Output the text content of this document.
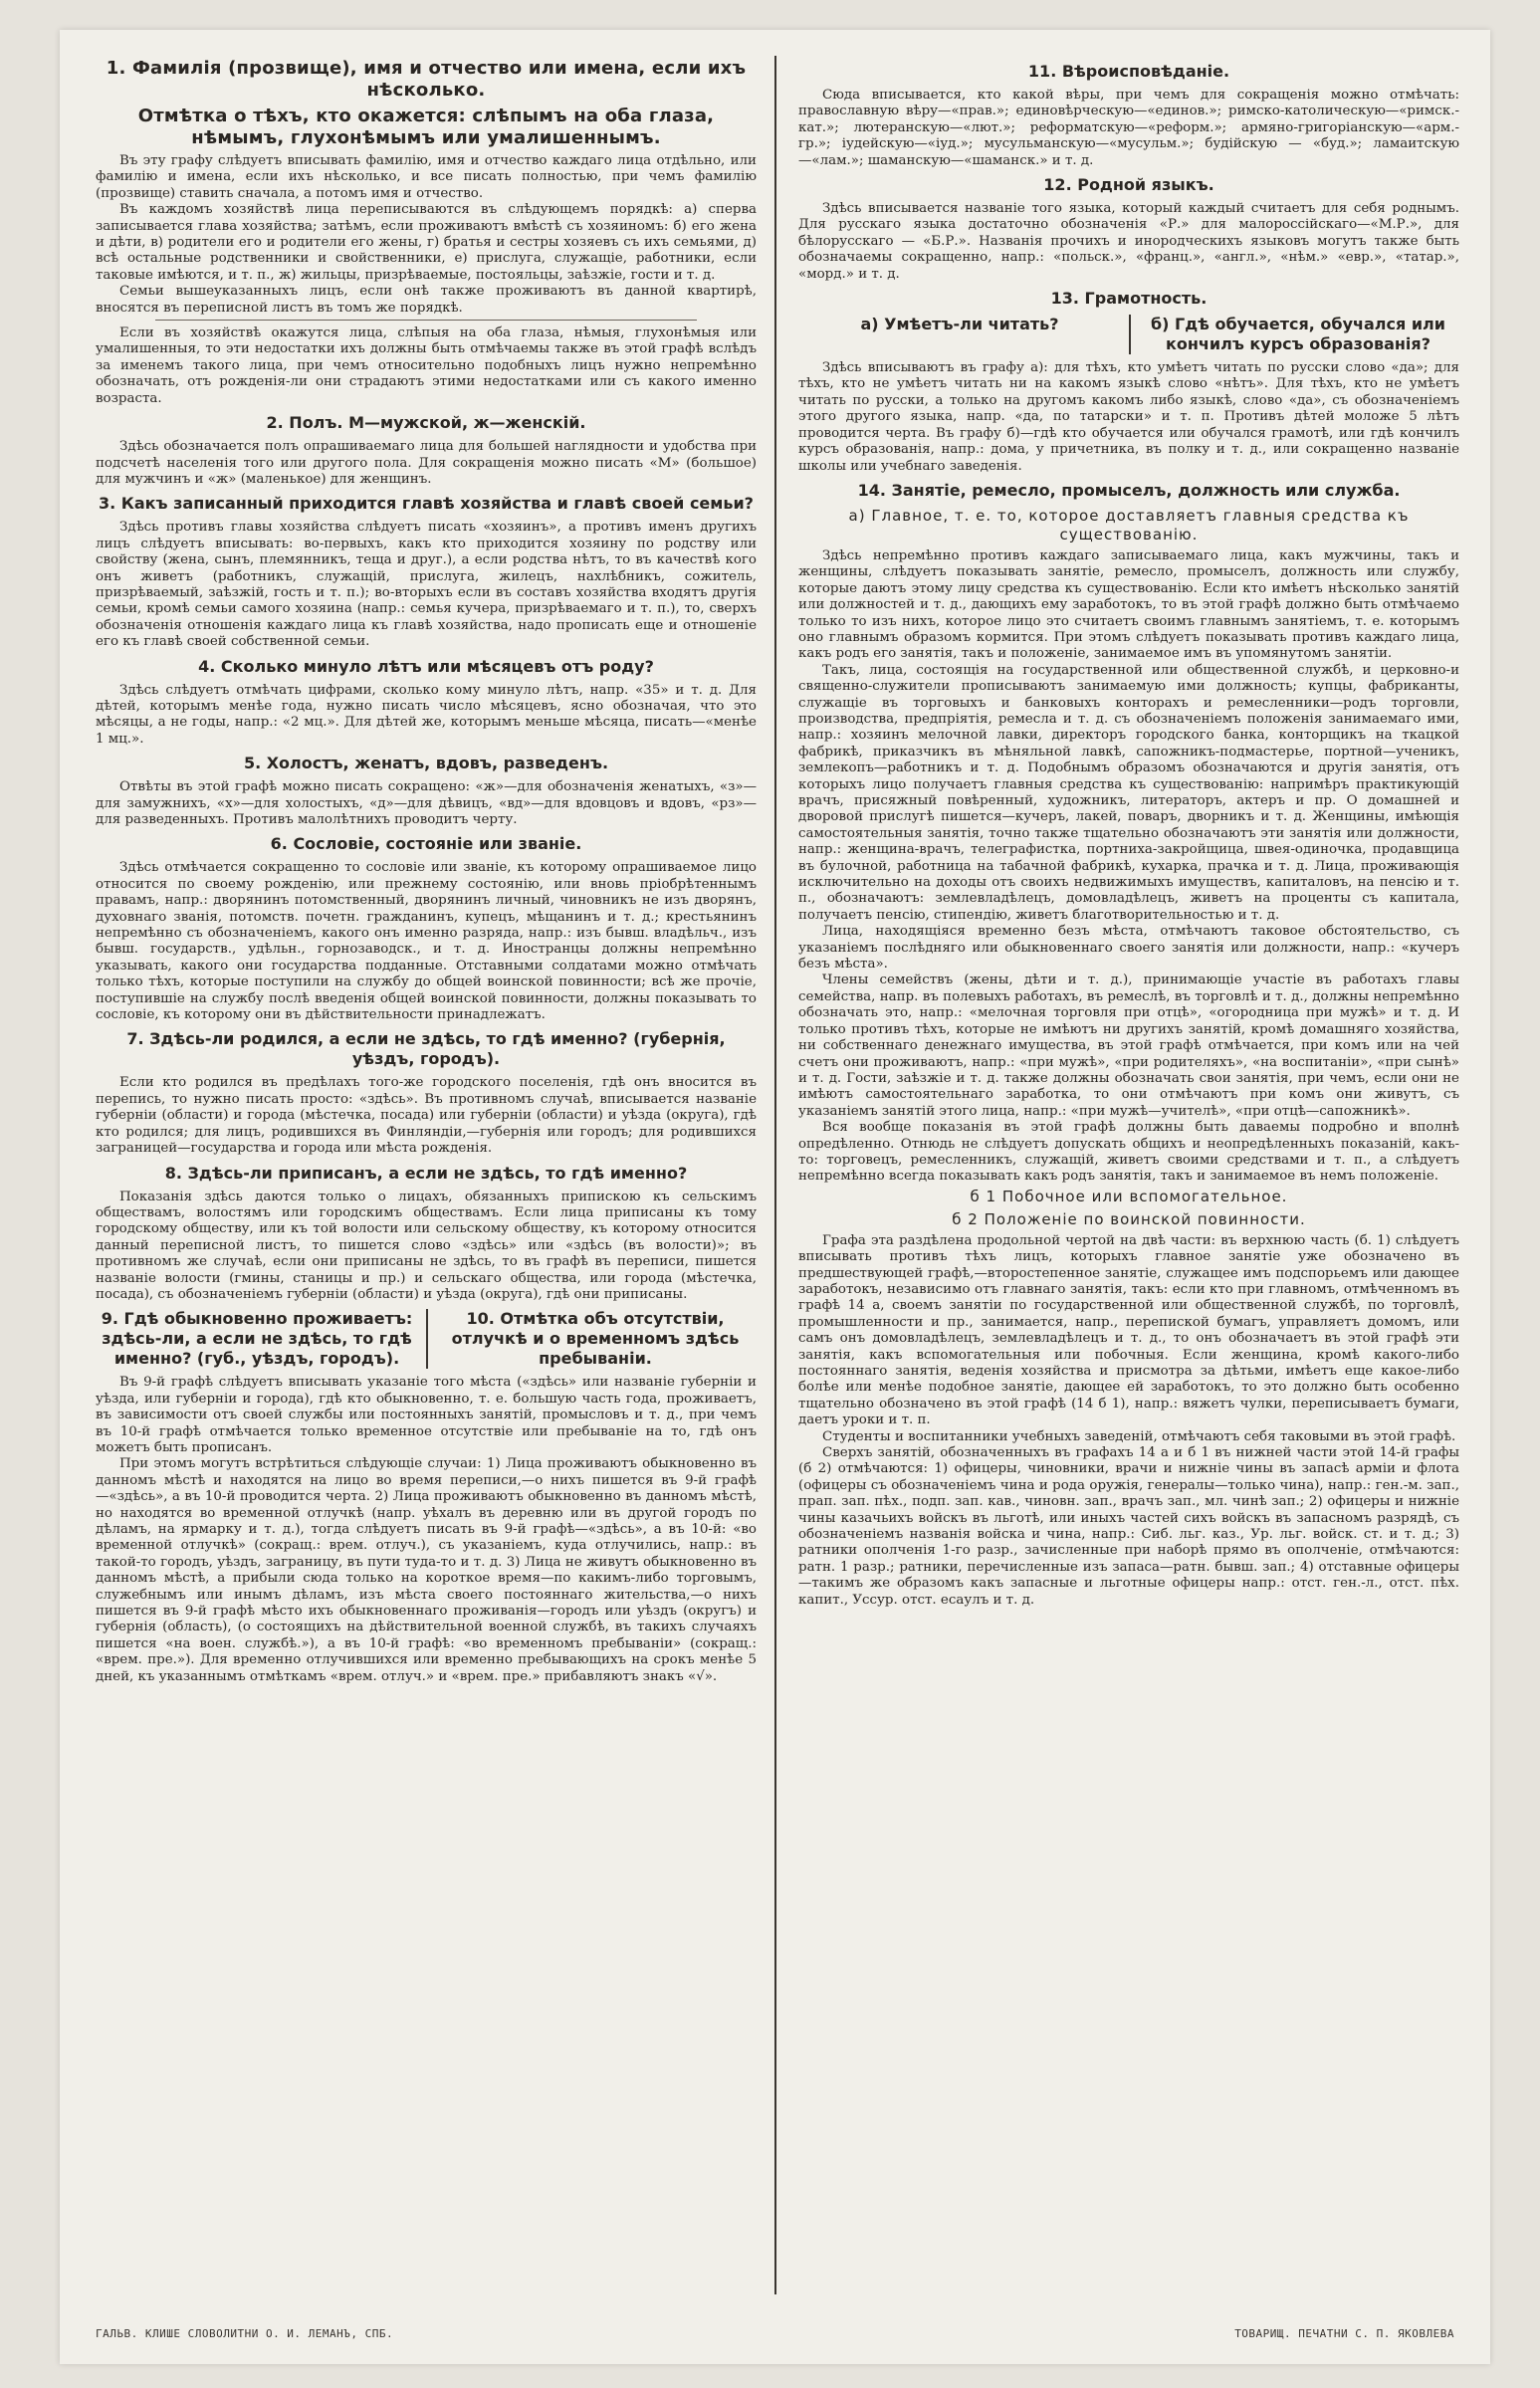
1. Фамилія (прозвище), имя и отчество или имена, если ихъ нѣсколько.
Отмѣтка о тѣхъ, кто окажется: слѣпымъ на оба глаза, нѣмымъ, глухонѣмымъ или умалишеннымъ.

Въ эту графу слѣдуетъ вписывать фамилію, имя и отчество каждаго лица отдѣльно, или фамилію и имена, если ихъ нѣсколько, и все писать полностью, при чемъ фамилію (прозвище) ставить сначала, а потомъ имя и отчество.

Въ каждомъ хозяйствѣ лица переписываются въ слѣдующемъ порядкѣ: а) сперва записывается глава хозяйства; затѣмъ, если проживаютъ вмѣстѣ съ хозяиномъ: б) его жена и дѣти, в) родители его и родители его жены, г) братья и сестры хозяевъ съ ихъ семьями, д) всѣ остальные родственники и свойственники, е) прислуга, служащіе, работники, если таковые имѣются, и т. п., ж) жильцы, призрѣваемые, постояльцы, заѣзжіе, гости и т. д.

Семьи вышеуказанныхъ лицъ, если онѣ также проживаютъ въ данной квартирѣ, вносятся въ переписной листъ въ томъ же порядкѣ.

Если въ хозяйствѣ окажутся лица, слѣпыя на оба глаза, нѣмыя, глухонѣмыя или умалишенныя, то эти недостатки ихъ должны быть отмѣчаемы также въ этой графѣ вслѣдъ за именемъ такого лица, при чемъ относительно подобныхъ лицъ нужно непремѣнно обозначать, отъ рожденія-ли они страдаютъ этими недостатками или съ какого именно возраста.

2. Полъ. М—мужской, ж—женскій.

Здѣсь обозначается полъ опрашиваемаго лица для большей наглядности и удобства при подсчетѣ населенія того или другого пола. Для сокращенія можно писать «М» (большое) для мужчинъ и «ж» (маленькое) для женщинъ.

3. Какъ записанный приходится главѣ хозяйства и главѣ своей семьи?

Здѣсь противъ главы хозяйства слѣдуетъ писать «хозяинъ», а противъ именъ другихъ лицъ слѣдуетъ вписывать: во-первыхъ, какъ кто приходится хозяину по родству или свойству (жена, сынъ, племянникъ, теща и друг.), а если родства нѣтъ, то въ качествѣ кого онъ живетъ (работникъ, служащій, прислуга, жилецъ, нахлѣбникъ, сожитель, призрѣваемый, заѣзжій, гость и т. п.); во-вторыхъ если въ составъ хозяйства входятъ другія семьи, кромѣ семьи самого хозяина (напр.: семья кучера, призрѣваемаго и т. п.), то, сверхъ обозначенія отношенія каждаго лица къ главѣ хозяйства, надо прописать еще и отношеніе его къ главѣ своей собственной семьи.

4. Сколько минуло лѣтъ или мѣсяцевъ отъ роду?

Здѣсь слѣдуетъ отмѣчать цифрами, сколько кому минуло лѣтъ, напр. «35» и т. д. Для дѣтей, которымъ менѣе года, нужно писать число мѣсяцевъ, ясно обозначая, что это мѣсяцы, а не годы, напр.: «2 мц.». Для дѣтей же, которымъ меньше мѣсяца, писать—«менѣе 1 мц.».

5. Холостъ, женатъ, вдовъ, разведенъ.

Отвѣты въ этой графѣ можно писать сокращено: «ж»—для обозначенія женатыхъ, «з»—для замужнихъ, «х»—для холостыхъ, «д»—для дѣвицъ, «вд»—для вдовцовъ и вдовъ, «рз»—для разведенныхъ. Противъ малолѣтнихъ проводитъ черту.

6. Сословіе, состояніе или званіе.

Здѣсь отмѣчается сокращенно то сословіе или званіе, къ которому опрашиваемое лицо относится по своему рожденію, или прежнему состоянію, или вновь пріобрѣтеннымъ правамъ, напр.: дворянинъ потомственный, дворянинъ личный, чиновникъ не изъ дворянъ, духовнаго званія, потомств. почетн. гражданинъ, купецъ, мѣщанинъ и т. д.; крестьянинъ непремѣнно съ обозначеніемъ, какого онъ именно разряда, напр.: изъ бывш. владѣльч., изъ бывш. государств., удѣльн., горнозаводск., и т. д. Иностранцы должны непремѣнно указывать, какого они государства подданные. Отставными солдатами можно отмѣчать только тѣхъ, которые поступили на службу до общей воинской повинности; всѣ же прочіе, поступившіе на службу послѣ введенія общей воинской повинности, должны показывать то сословіе, къ которому они въ дѣйствительности принадлежатъ.

7. Здѣсь-ли родился, а если не здѣсь, то гдѣ именно? (губернія, уѣздъ, городъ).

Если кто родился въ предѣлахъ того-же городского поселенія, гдѣ онъ вносится въ перепись, то нужно писать просто: «здѣсь». Въ противномъ случаѣ, вписывается названіе губерніи (области) и города (мѣстечка, посада) или губерніи (области) и уѣзда (округа), гдѣ кто родился; для лицъ, родившихся въ Финляндіи,—губернія или городъ; для родившихся заграницей—государства и города или мѣста рожденія.

8. Здѣсь-ли приписанъ, а если не здѣсь, то гдѣ именно?

Показанія здѣсь даются только о лицахъ, обязанныхъ припискою къ сельскимъ обществамъ, волостямъ или городскимъ обществамъ. Если лица приписаны къ тому городскому обществу, или къ той волости или сельскому обществу, къ которому относится данный переписной листъ, то пишется слово «здѣсь» или «здѣсь (въ волости)»; въ противномъ же случаѣ, если они приписаны не здѣсь, то въ графѣ въ переписи, пишется названіе волости (гмины, станицы и пр.) и сельскаго общества, или города (мѣстечка, посада), съ обозначеніемъ губерніи (области) и уѣзда (округа), гдѣ они приписаны.

9. Гдѣ обыкновенно проживаетъ: здѣсь-ли, а если не здѣсь, то гдѣ именно? (губ., уѣздъ, городъ).
10. Отмѣтка объ отсутствіи, отлучкѣ и о временномъ здѣсь пребываніи.

Въ 9-й графѣ слѣдуетъ вписывать указаніе того мѣста («здѣсь» или названіе губерніи и уѣзда, или губерніи и города), гдѣ кто обыкновенно, т. е. большую часть года, проживаетъ, въ зависимости отъ своей службы или постоянныхъ занятій, промысловъ и т. д., при чемъ въ 10-й графѣ отмѣчается только временное отсутствіе или пребываніе на то, гдѣ онъ можетъ быть прописанъ.

При этомъ могутъ встрѣтиться слѣдующіе случаи: 1) Лица проживаютъ обыкновенно въ данномъ мѣстѣ и находятся на лицо во время переписи,—о нихъ пишется въ 9-й графѣ—«здѣсь», а въ 10-й проводится черта. 2) Лица проживаютъ обыкновенно въ данномъ мѣстѣ, но находятся во временной отлучкѣ (напр. уѣхалъ въ деревню или въ другой городъ по дѣламъ, на ярмарку и т. д.), тогда слѣдуетъ писать въ 9-й графѣ—«здѣсь», а въ 10-й: «во временной отлучкѣ» (сокращ.: врем. отлуч.), съ указаніемъ, куда отлучились, напр.: въ такой-то городъ, уѣздъ, заграницу, въ пути туда-то и т. д. 3) Лица не живутъ обыкновенно въ данномъ мѣстѣ, а прибыли сюда только на короткое время—по какимъ-либо торговымъ, служебнымъ или инымъ дѣламъ, изъ мѣста своего постояннаго жительства,—о нихъ пишется въ 9-й графѣ мѣсто ихъ обыкновеннаго проживанія—городъ или уѣздъ (округъ) и губернія (область), (о состоящихъ на дѣйствительной военной службѣ, въ такихъ случаяхъ пишется «на воен. службѣ.»), а въ 10-й графѣ: «во временномъ пребываніи» (сокращ.: «врем. пре.»). Для временно отлучившихся или временно пребывающихъ на срокъ менѣе 5 дней, къ указаннымъ отмѣткамъ «врем. отлуч.» и «врем. пре.» прибавляютъ знакъ «√».

11. Вѣроисповѣданіе.

Сюда вписывается, кто какой вѣры, при чемъ для сокращенія можно отмѣчать: православную вѣру—«прав.»; единовѣрческую—«единов.»; римско-католическую—«римск.-кат.»; лютеранскую—«лют.»; реформатскую—«реформ.»; армяно-григоріанскую—«арм.-гр.»; іудейскую—«іуд.»; мусульманскую—«мусульм.»; будійскую — «буд.»; ламаитскую—«лам.»; шаманскую—«шаманск.» и т. д.

12. Родной языкъ.

Здѣсь вписывается названіе того языка, который каждый считаетъ для себя роднымъ. Для русскаго языка достаточно обозначенія «Р.» для малороссійскаго—«М.Р.», для бѣлорусскаго — «Б.Р.». Названія прочихъ и инородческихъ языковъ могутъ также быть обозначаемы сокращенно, напр.: «польск.», «франц.», «англ.», «нѣм.» «евр.», «татар.», «морд.» и т. д.

13. Грамотность.
а) Умѣетъ-ли читать?	б) Гдѣ обучается, обучался или кончилъ курсъ образованія?

Здѣсь вписываютъ въ графу а): для тѣхъ, кто умѣетъ читать по русски слово «да»; для тѣхъ, кто не умѣетъ читать ни на какомъ языкѣ слово «нѣтъ». Для тѣхъ, кто не умѣетъ читать по русски, а только на другомъ какомъ либо языкѣ, слово «да», съ обозначеніемъ этого другого языка, напр. «да, по татарски» и т. п. Противъ дѣтей моложе 5 лѣтъ проводится черта. Въ графу б)—гдѣ кто обучается или обучался грамотѣ, или гдѣ кончилъ курсъ образованія, напр.: дома, у причетника, въ полку и т. д., или сокращенно названіе школы или учебнаго заведенія.

14. Занятіе, ремесло, промыселъ, должность или служба.
а) Главное, т. е. то, которое доставляетъ главныя средства къ существованію.

Здѣсь непремѣнно противъ каждаго записываемаго лица, какъ мужчины, такъ и женщины, слѣдуетъ показывать занятіе, ремесло, промыселъ, должность или службу, которые даютъ этому лицу средства къ существованію. Если кто имѣетъ нѣсколько занятій или должностей и т. д., дающихъ ему заработокъ, то въ этой графѣ должно быть отмѣчаемо только то изъ нихъ, которое лицо это считаетъ своимъ главнымъ занятіемъ, т. е. которымъ оно главнымъ образомъ кормится. При этомъ слѣдуетъ показывать противъ каждаго лица, какъ родъ его занятія, такъ и положеніе, занимаемое имъ въ упомянутомъ занятіи.

Такъ, лица, состоящія на государственной или общественной службѣ, и церковно-и священно-служители прописываютъ занимаемую ими должность; купцы, фабриканты, служащіе въ торговыхъ и банковыхъ конторахъ и ремесленники—родъ торговли, производства, предпріятія, ремесла и т. д. съ обозначеніемъ положенія занимаемаго ими, напр.: хозяинъ мелочной лавки, директоръ городского банка, конторщикъ на ткацкой фабрикѣ, приказчикъ въ мѣняльной лавкѣ, сапожникъ-подмастерье, портной—ученикъ, землекопъ—работникъ и т. д. Подобнымъ образомъ обозначаются и другія занятія, отъ которыхъ лицо получаетъ главныя средства къ существованію: напримѣръ практикующій врачъ, присяжный повѣренный, художникъ, литераторъ, актеръ и пр. О домашней и дворовой прислугѣ пишется—кучеръ, лакей, поваръ, дворникъ и т. д. Женщины, имѣющія самостоятельныя занятія, точно также тщательно обозначаютъ эти занятія или должности, напр.: женщина-врачъ, телеграфистка, портниха-закройщица, швея-одиночка, продавщица въ булочной, работница на табачной фабрикѣ, кухарка, прачка и т. д. Лица, проживающія исключительно на доходы отъ своихъ недвижимыхъ имуществъ, капиталовъ, на пенсію и т. п., обозначаютъ: землевладѣлецъ, домовладѣлецъ, живетъ на проценты съ капитала, получаетъ пенсію, стипендію, живетъ благотворительностью и т. д.

Лица, находящіяся временно безъ мѣста, отмѣчаютъ таковое обстоятельство, съ указаніемъ послѣдняго или обыкновеннаго своего занятія или должности, напр.: «кучеръ безъ мѣста».

Члены семействъ (жены, дѣти и т. д.), принимающіе участіе въ работахъ главы семейства, напр. въ полевыхъ работахъ, въ ремеслѣ, въ торговлѣ и т. д., должны непремѣнно обозначать это, напр.: «мелочная торговля при отцѣ», «огородница при мужѣ» и т. д. И только противъ тѣхъ, которые не имѣютъ ни другихъ занятій, кромѣ домашняго хозяйства, ни собственнаго денежнаго имущества, въ этой графѣ отмѣчается, при комъ или на чей счетъ они проживаютъ, напр.: «при мужѣ», «при родителяхъ», «на воспитаніи», «при сынѣ» и т. д. Гости, заѣзжіе и т. д. также должны обозначать свои занятія, при чемъ, если они не имѣютъ самостоятельнаго заработка, то они отмѣчаютъ при комъ они живутъ, съ указаніемъ занятій этого лица, напр.: «при мужѣ—учителѣ», «при отцѣ—сапожникѣ».

Вся вообще показанія въ этой графѣ должны быть даваемы подробно и вполнѣ опредѣленно. Отнюдь не слѣдуетъ допускать общихъ и неопредѣленныхъ показаній, какъ-то: торговецъ, ремесленникъ, служащій, живетъ своими средствами и т. п., а слѣдуетъ непремѣнно всегда показывать какъ родъ занятія, такъ и занимаемое въ немъ положеніе.

б 1 Побочное или вспомогательное.
б 2 Положеніе по воинской повинности.

Графа эта раздѣлена продольной чертой на двѣ части: въ верхнюю часть (б. 1) слѣдуетъ вписывать противъ тѣхъ лицъ, которыхъ главное занятіе уже обозначено въ предшествующей графѣ,—второстепенное занятіе, служащее имъ подспорьемъ или дающее заработокъ, независимо отъ главнаго занятія, такъ: если кто при главномъ, отмѣченномъ въ графѣ 14 а, своемъ занятіи по государственной или общественной службѣ, по торговлѣ, промышленности и пр., занимается, напр., перепиской бумагъ, управляетъ домомъ, или самъ онъ домовладѣлецъ, землевладѣлецъ и т. д., то онъ обозначаетъ въ этой графѣ эти занятія, какъ вспомогательныя или побочныя. Если женщина, кромѣ какого-либо постояннаго занятія, веденія хозяйства и присмотра за дѣтьми, имѣетъ еще какое-либо болѣе или менѣе подобное занятіе, дающее ей заработокъ, то это должно быть особенно тщательно обозначено въ этой графѣ (14 б 1), напр.: вяжетъ чулки, переписываетъ бумаги, даетъ уроки и т. п.

Студенты и воспитанники учебныхъ заведеній, отмѣчаютъ себя таковыми въ этой графѣ.

Сверхъ занятій, обозначенныхъ въ графахъ 14 а и б 1 въ нижней части этой 14-й графы (б 2) отмѣчаются: 1) офицеры, чиновники, врачи и нижніе чины въ запасѣ арміи и флота (офицеры съ обозначеніемъ чина и рода оружія, генералы—только чина), напр.: ген.-м. зап., прап. зап. пѣх., подп. зап. кав., чиновн. зап., врачъ зап., мл. чинѣ зап.; 2) офицеры и нижніе чины казачьихъ войскъ въ льготѣ, или иныхъ частей сихъ войскъ въ запасномъ разрядѣ, съ обозначеніемъ названія войска и чина, напр.: Сиб. льг. каз., Ур. льг. войск. ст. и т. д.; 3) ратники ополченія 1-го разр., зачисленные при наборѣ прямо въ ополченіе, отмѣчаются: ратн. 1 разр.; ратники, перечисленные изъ запаса—ратн. бывш. зап.; 4) отставные офицеры—такимъ же образомъ какъ запасные и льготные офицеры напр.: отст. ген.-л., отст. пѣх. капит., Уссур. отст. есаулъ и т. д.

ГАЛЬВ. КЛИШЕ СЛОВОЛИТНИ О. И. ЛЕМАНЪ, СПБ.	ТОВАРИЩ. ПЕЧАТНИ С. П. ЯКОВЛЕВА
